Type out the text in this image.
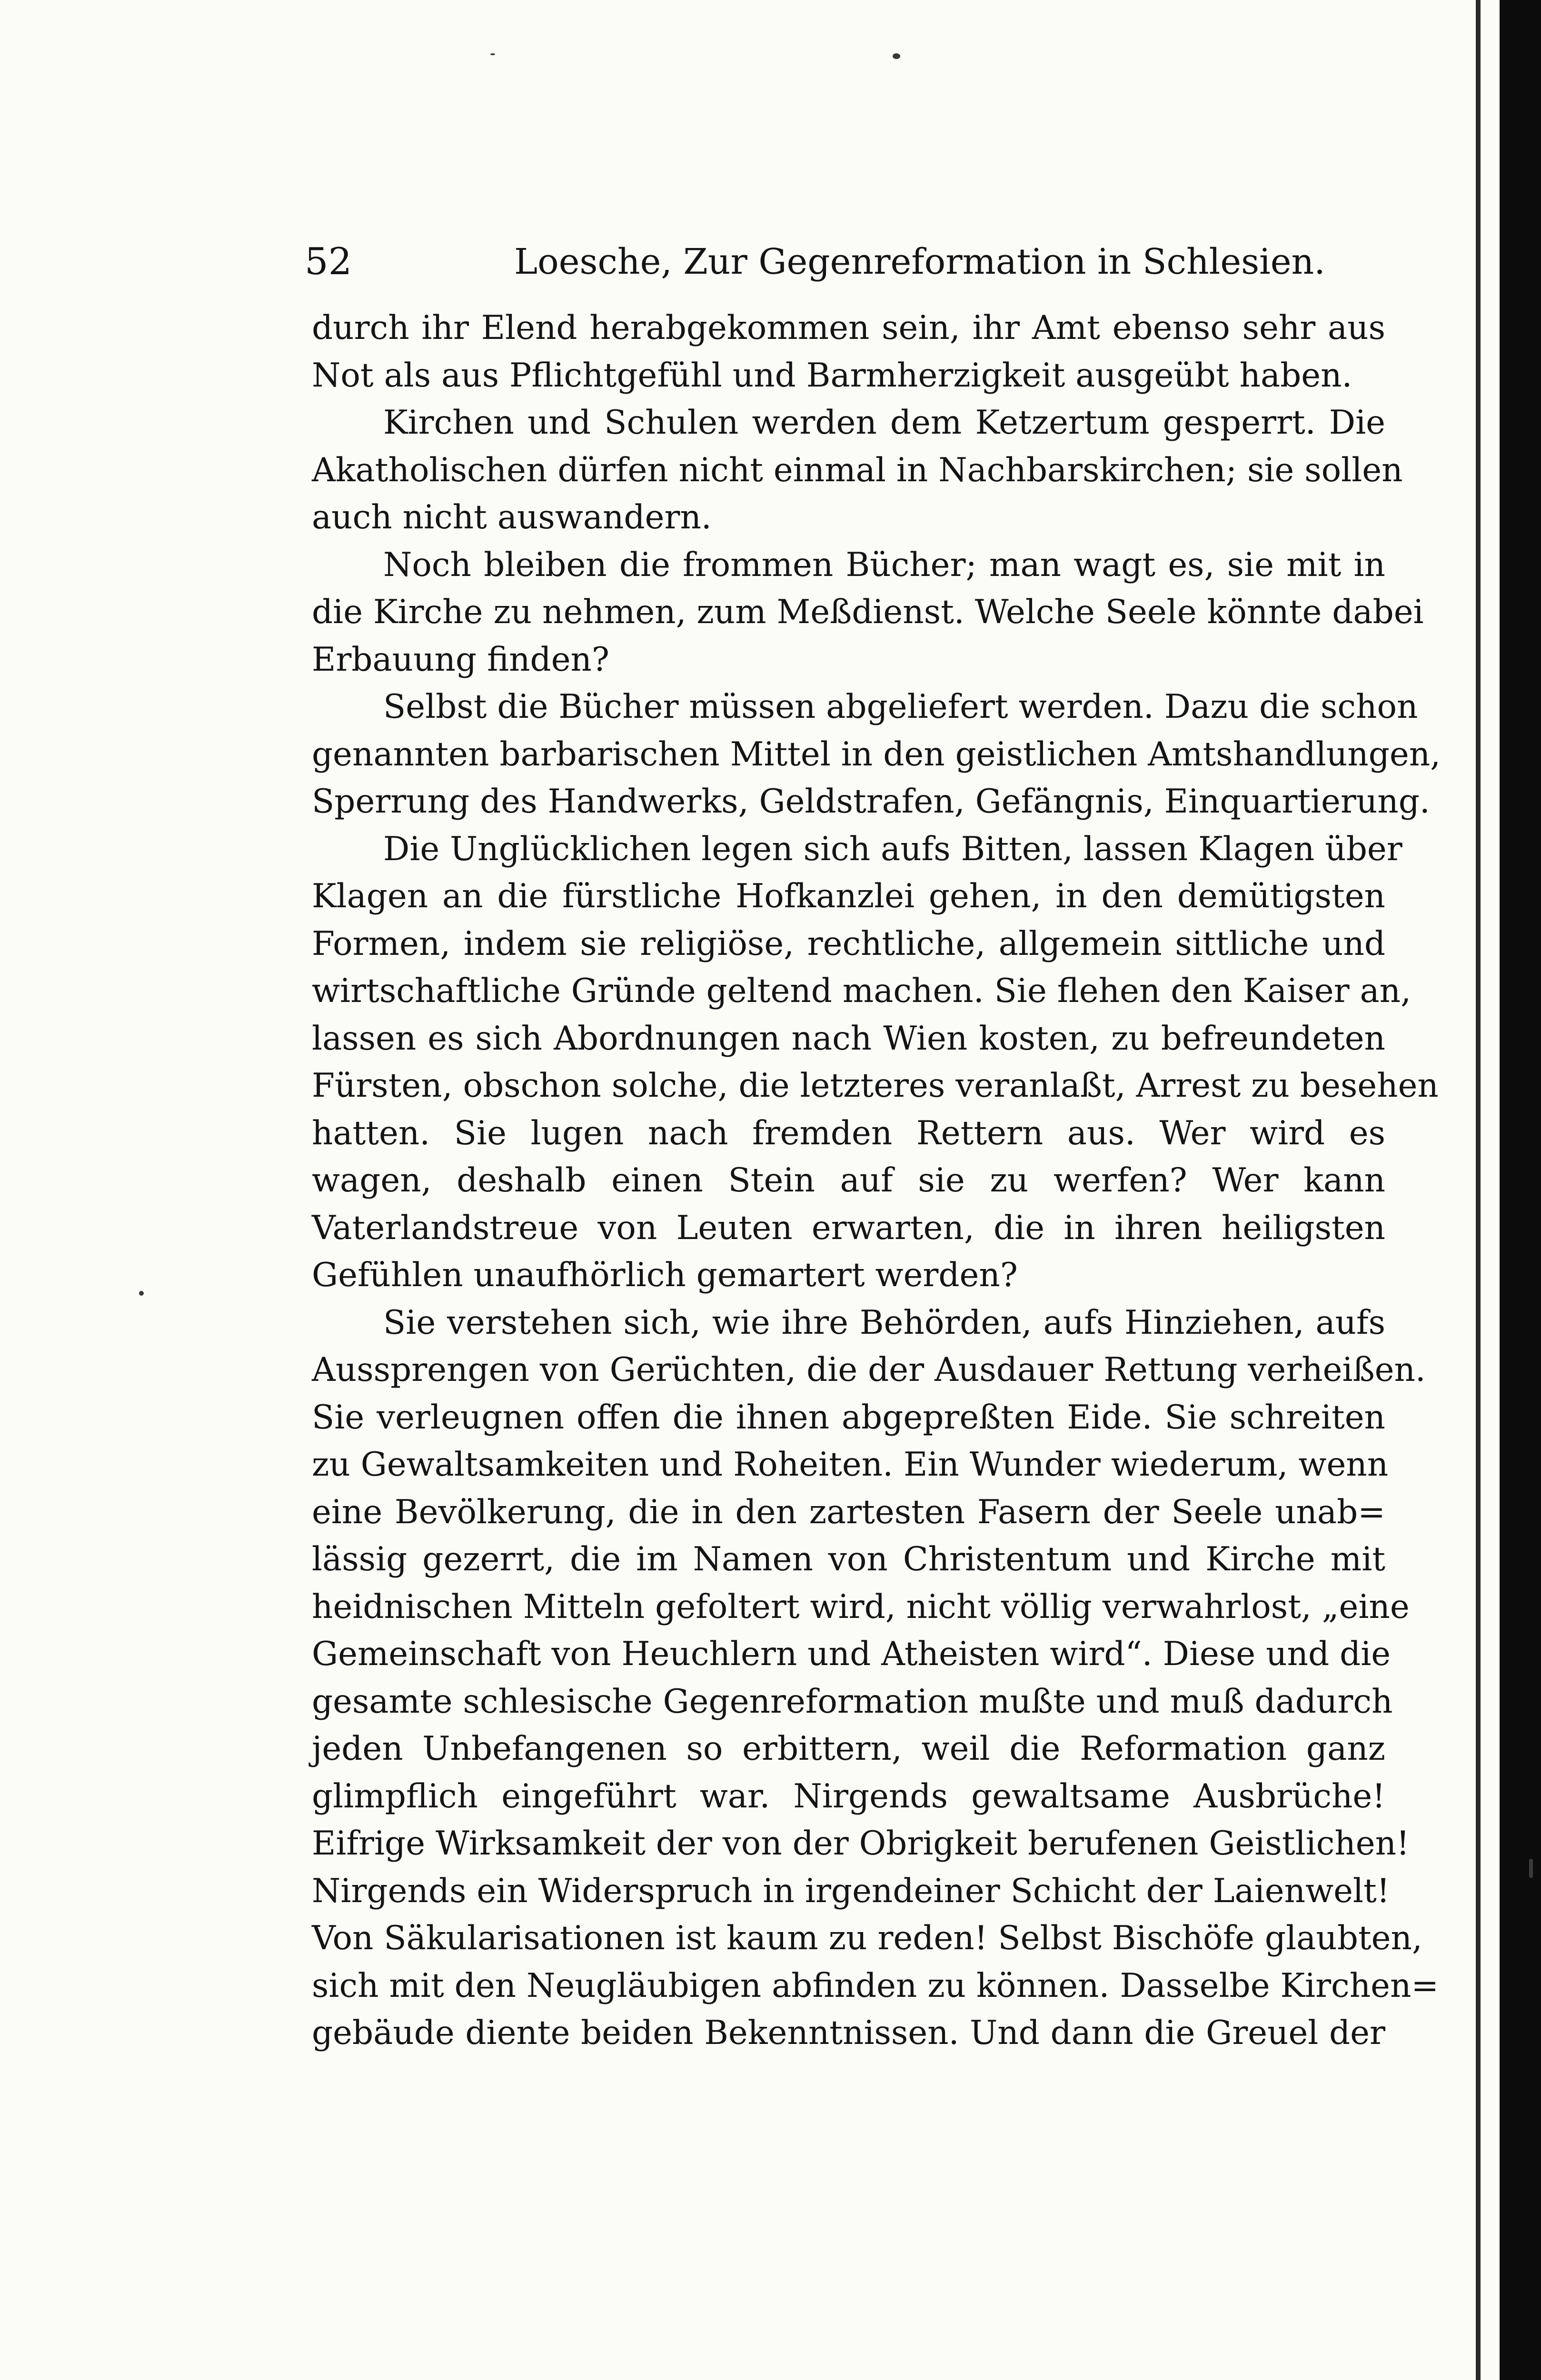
52	Loesche, Zur Gegenreformation in Schlesien.
durch ihr Elend herabgekommen sein, ihr Amt ebenso sehr aus
Not als aus Pflichtgefühl und Barmherzigkeit ausgeübt haben.
Kirchen und Schulen werden dem Ketzertum gesperrt. Die
Akatholischen dürfen nicht einmal in Nachbarskirchen; sie sollen
auch nicht auswandern.
Noch bleiben die frommen Bücher; man wagt es, sie mit in
die Kirche zu nehmen, zum Meßdienst. Welche Seele könnte dabei
Erbauung finden?
Selbst die Bücher müssen abgeliefert werden. Dazu die schon
genannten barbarischen Mittel in den geistlichen Amtshandlungen,
Sperrung des Handwerks, Geldstrafen, Gefängnis, Einquartierung.
Die Unglücklichen legen sich aufs Bitten, lassen Klagen über
Klagen an die fürstliche Hofkanzlei gehen, in den demütigsten
Formen, indem sie religiöse, rechtliche, allgemein sittliche und
wirtschaftliche Gründe geltend machen. Sie flehen den Kaiser an,
lassen es sich Abordnungen nach Wien kosten, zu befreundeten
Fürsten, obschon solche, die letzteres veranlaßt, Arrest zu besehen
hatten. Sie lugen nach fremden Rettern aus. Wer wird es
wagen, deshalb einen Stein auf sie zu werfen? Wer kann
Vaterlandstreue von Leuten erwarten, die in ihren heiligsten
Gefühlen unaufhörlich gemartert werden?
Sie verstehen sich, wie ihre Behörden, aufs Hinziehen, aufs
Aussprengen von Gerüchten, die der Ausdauer Rettung verheißen.
Sie verleugnen offen die ihnen abgepreßten Eide. Sie schreiten
zu Gewaltsamkeiten und Roheiten. Ein Wunder wiederum, wenn
eine Bevölkerung, die in den zartesten Fasern der Seele unab=
lässig gezerrt, die im Namen von Christentum und Kirche mit
heidnischen Mitteln gefoltert wird, nicht völlig verwahrlost, „eine
Gemeinschaft von Heuchlern und Atheisten wird“. Diese und die
gesamte schlesische Gegenreformation mußte und muß dadurch
jeden Unbefangenen so erbittern, weil die Reformation ganz
glimpflich eingeführt war. Nirgends gewaltsame Ausbrüche!
Eifrige Wirksamkeit der von der Obrigkeit berufenen Geistlichen!
Nirgends ein Widerspruch in irgendeiner Schicht der Laienwelt!
Von Säkularisationen ist kaum zu reden! Selbst Bischöfe glaubten,
sich mit den Neugläubigen abfinden zu können. Dasselbe Kirchen=
gebäude diente beiden Bekenntnissen. Und dann die Greuel der
